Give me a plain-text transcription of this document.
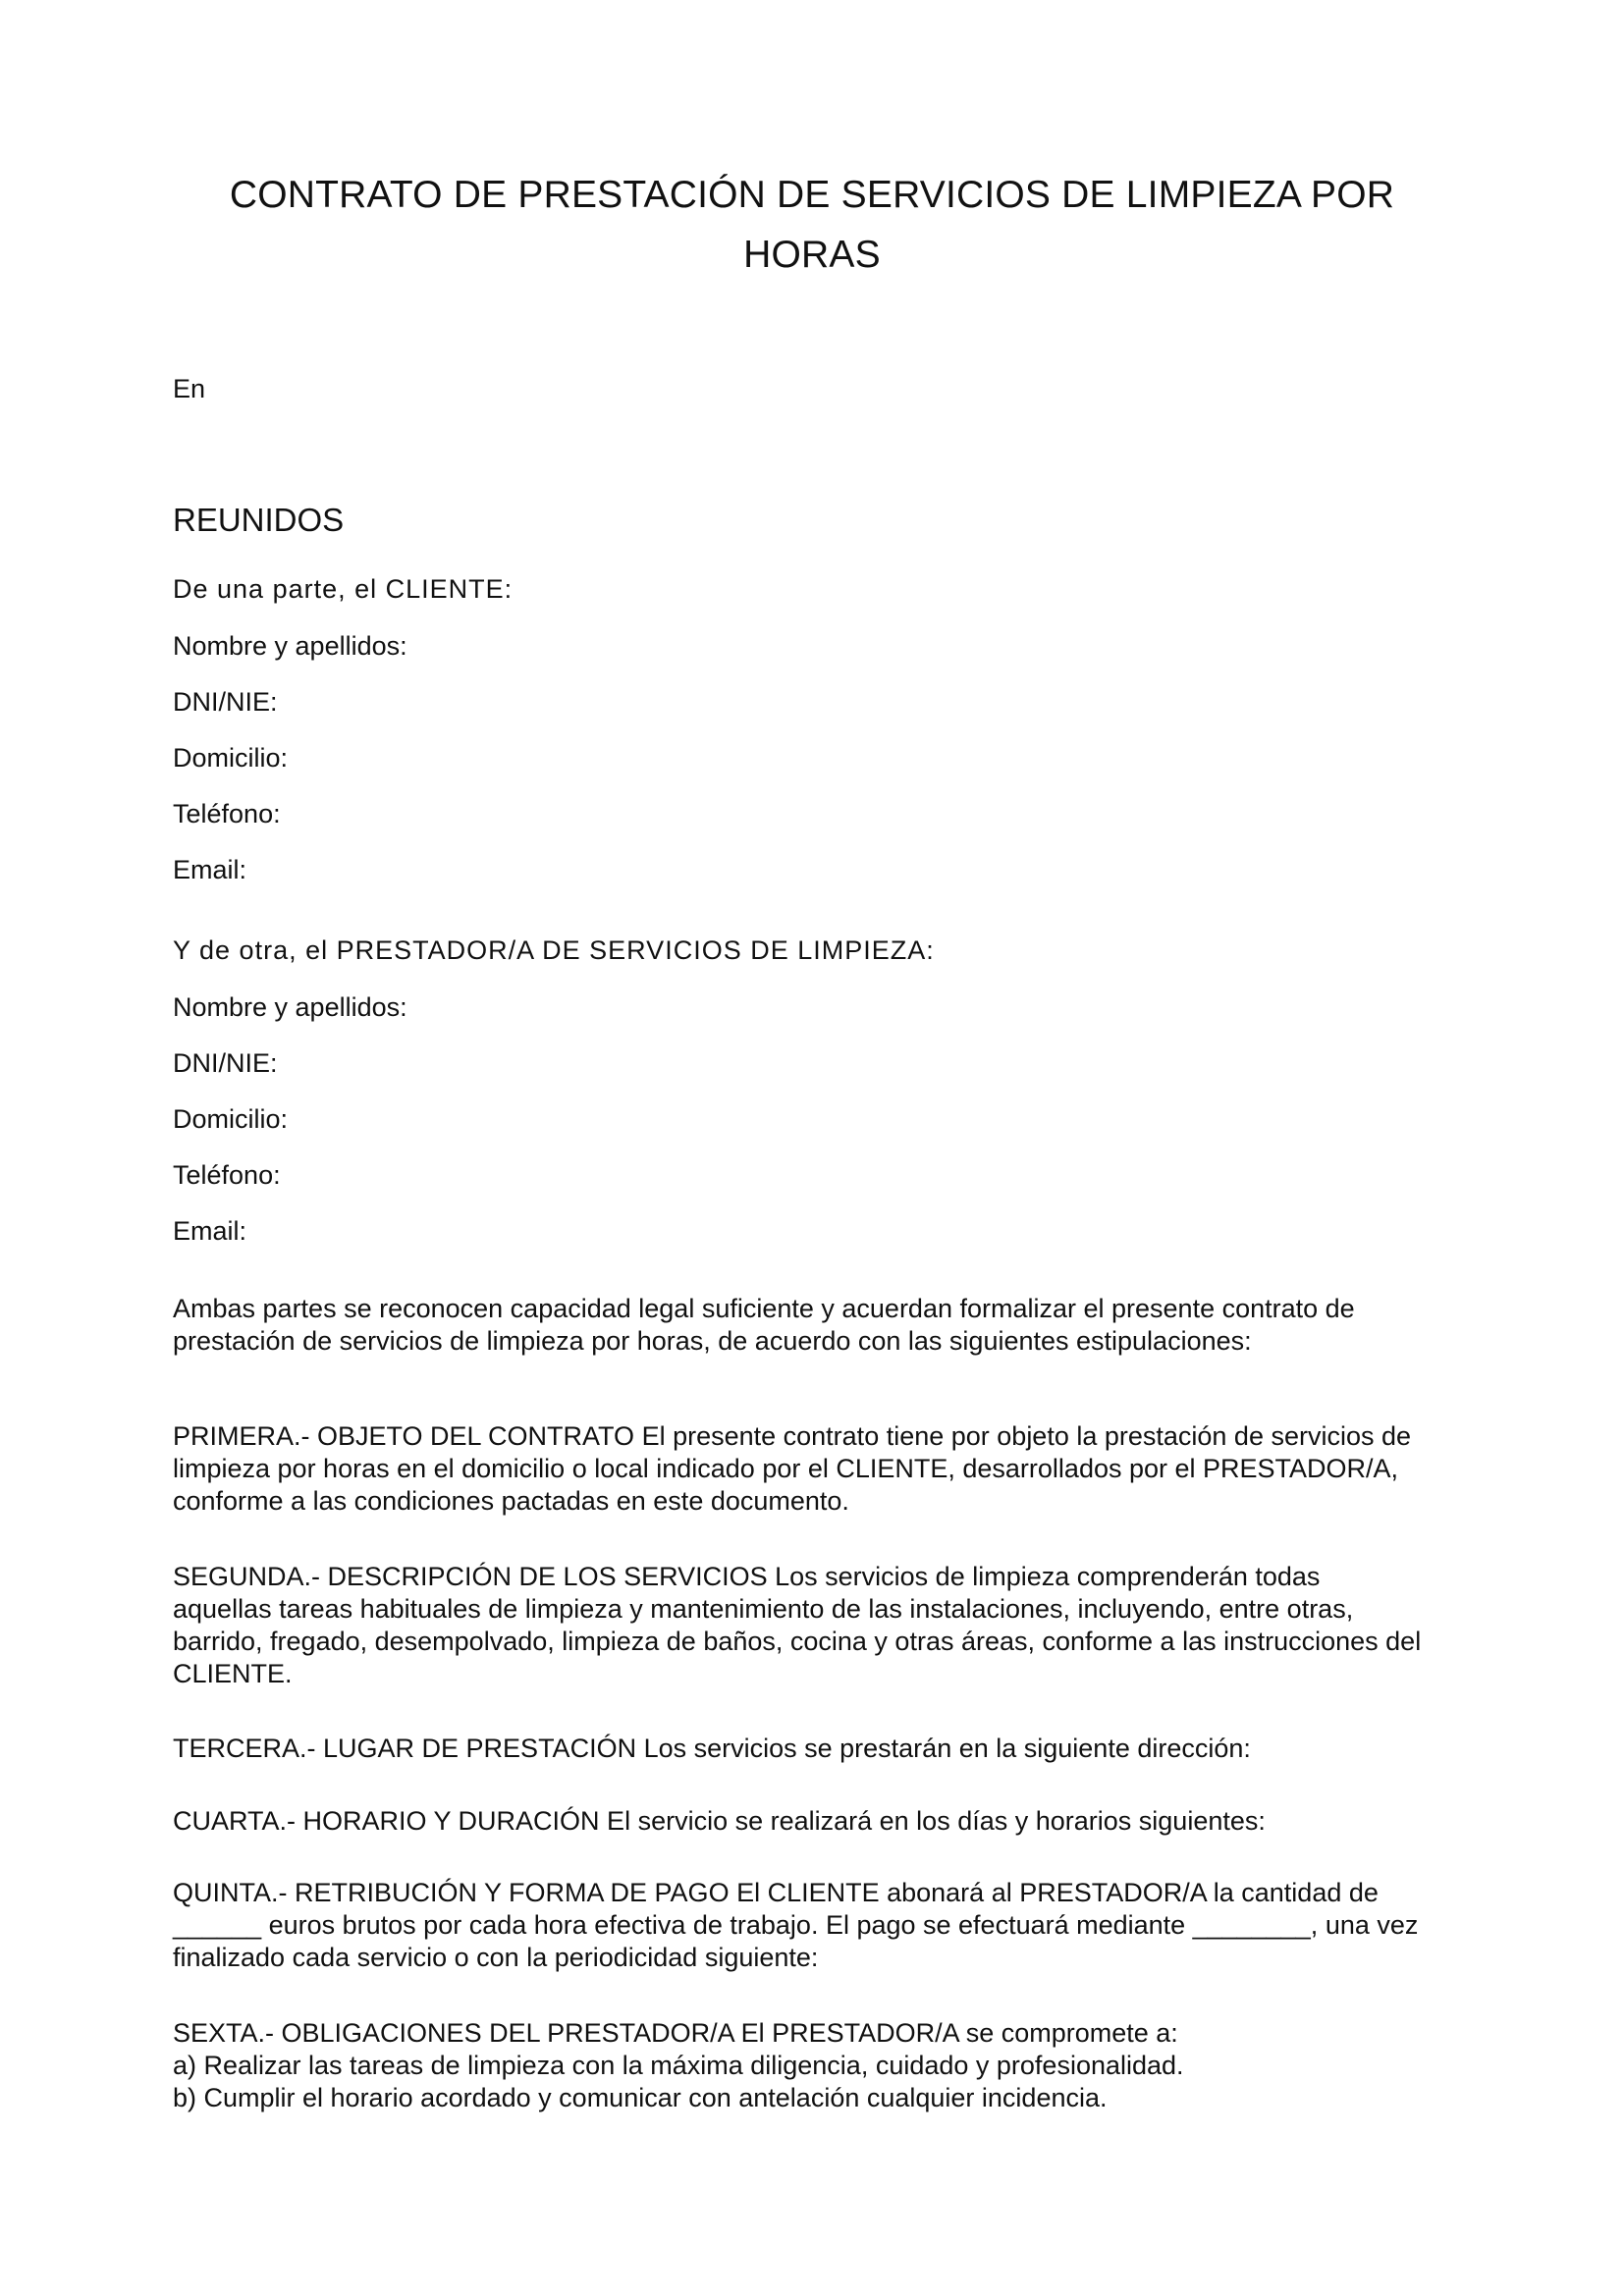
CONTRATO DE PRESTACIÓN DE SERVICIOS DE LIMPIEZA POR
HORAS
En
REUNIDOS
De una parte, el CLIENTE:
Nombre y apellidos:
DNI/NIE:
Domicilio:
Teléfono:
Email:
Y de otra, el PRESTADOR/A DE SERVICIOS DE LIMPIEZA:
Nombre y apellidos:
DNI/NIE:
Domicilio:
Teléfono:
Email:
Ambas partes se reconocen capacidad legal suficiente y acuerdan formalizar el presente contrato de
prestación de servicios de limpieza por horas, de acuerdo con las siguientes estipulaciones:
PRIMERA.- OBJETO DEL CONTRATO El presente contrato tiene por objeto la prestación de servicios de
limpieza por horas en el domicilio o local indicado por el CLIENTE, desarrollados por el PRESTADOR/A,
conforme a las condiciones pactadas en este documento.
SEGUNDA.- DESCRIPCIÓN DE LOS SERVICIOS Los servicios de limpieza comprenderán todas
aquellas tareas habituales de limpieza y mantenimiento de las instalaciones, incluyendo, entre otras,
barrido, fregado, desempolvado, limpieza de baños, cocina y otras áreas, conforme a las instrucciones del
CLIENTE.
TERCERA.- LUGAR DE PRESTACIÓN Los servicios se prestarán en la siguiente dirección:
CUARTA.- HORARIO Y DURACIÓN El servicio se realizará en los días y horarios siguientes:
QUINTA.- RETRIBUCIÓN Y FORMA DE PAGO El CLIENTE abonará al PRESTADOR/A la cantidad de
______ euros brutos por cada hora efectiva de trabajo. El pago se efectuará mediante ________, una vez
finalizado cada servicio o con la periodicidad siguiente:
SEXTA.- OBLIGACIONES DEL PRESTADOR/A El PRESTADOR/A se compromete a:
a) Realizar las tareas de limpieza con la máxima diligencia, cuidado y profesionalidad.
b) Cumplir el horario acordado y comunicar con antelación cualquier incidencia.
